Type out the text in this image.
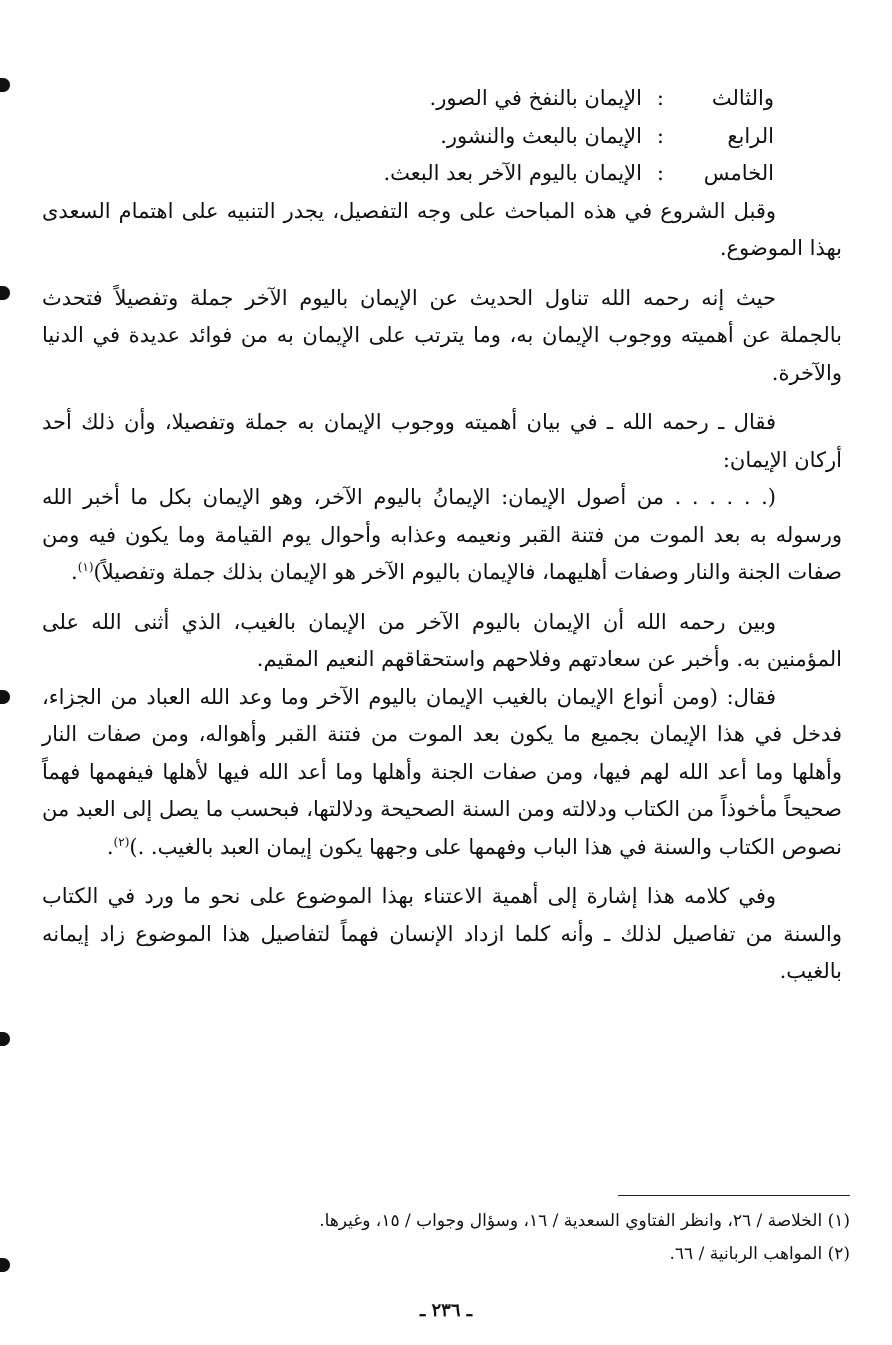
والثالث
:
الإيمان بالنفخ في الصور.
الرابع
:
الإيمان بالبعث والنشور.
الخامس
:
الإيمان باليوم الآخر بعد البعث.

وقبل الشروع في هذه المباحث على وجه التفصيل، يجدر التنبيه على اهتمام السعدى بهذا الموضوع.

حيث إنه رحمه الله تناول الحديث عن الإيمان باليوم الآخر جملة وتفصيلاً فتحدث بالجملة عن أهميته ووجوب الإيمان به، وما يترتب على الإيمان به من فوائد عديدة في الدنيا والآخرة.

فقال ـ رحمه الله ـ في بيان أهميته ووجوب الإيمان به جملة وتفصيلا، وأن ذلك أحد أركان الإيمان:

(. . . . . . من أصول الإيمان: الإيمانُ باليوم الآخر، وهو الإيمان بكل ما أخبر الله ورسوله به بعد الموت من فتنة القبر ونعيمه وعذابه وأحوال يوم القيامة وما يكون فيه ومن صفات الجنة والنار وصفات أهليهما، فالإيمان باليوم الآخر هو الإيمان بذلك جملة وتفصيلاً)$^{(١)}$.

وبين رحمه الله أن الإيمان باليوم الآخر من الإيمان بالغيب، الذي أثنى الله على المؤمنين به. وأخبر عن سعادتهم وفلاحهم واستحقاقهم النعيم المقيم.

فقال: (ومن أنواع الإيمان بالغيب الإيمان باليوم الآخر وما وعد الله العباد من الجزاء، فدخل في هذا الإيمان بجميع ما يكون بعد الموت من فتنة القبر وأهواله، ومن صفات النار وأهلها وما أعد الله لهم فيها، ومن صفات الجنة وأهلها وما أعد الله فيها لأهلها فيفهمها فهماً صحيحاً مأخوذاً من الكتاب ودلالته ومن السنة الصحيحة ودلالتها، فبحسب ما يصل إلى العبد من نصوص الكتاب والسنة في هذا الباب وفهمها على وجهها يكون إيمان العبد بالغيب. .)$^{(٢)}$.

وفي كلامه هذا إشارة إلى أهمية الاعتناء بهذا الموضوع على نحو ما ورد في الكتاب والسنة من تفاصيل لذلك ـ وأنه كلما ازداد الإنسان فهماً لتفاصيل هذا الموضوع زاد إيمانه بالغيب.

(١) الخلاصة / ٢٦، وانظر الفتاوي السعدية / ١٦، وسؤال وجواب / ١٥، وغيرها.
(٢) المواهب الربانية / ٦٦.
ـ ٢٣٦ ـ
